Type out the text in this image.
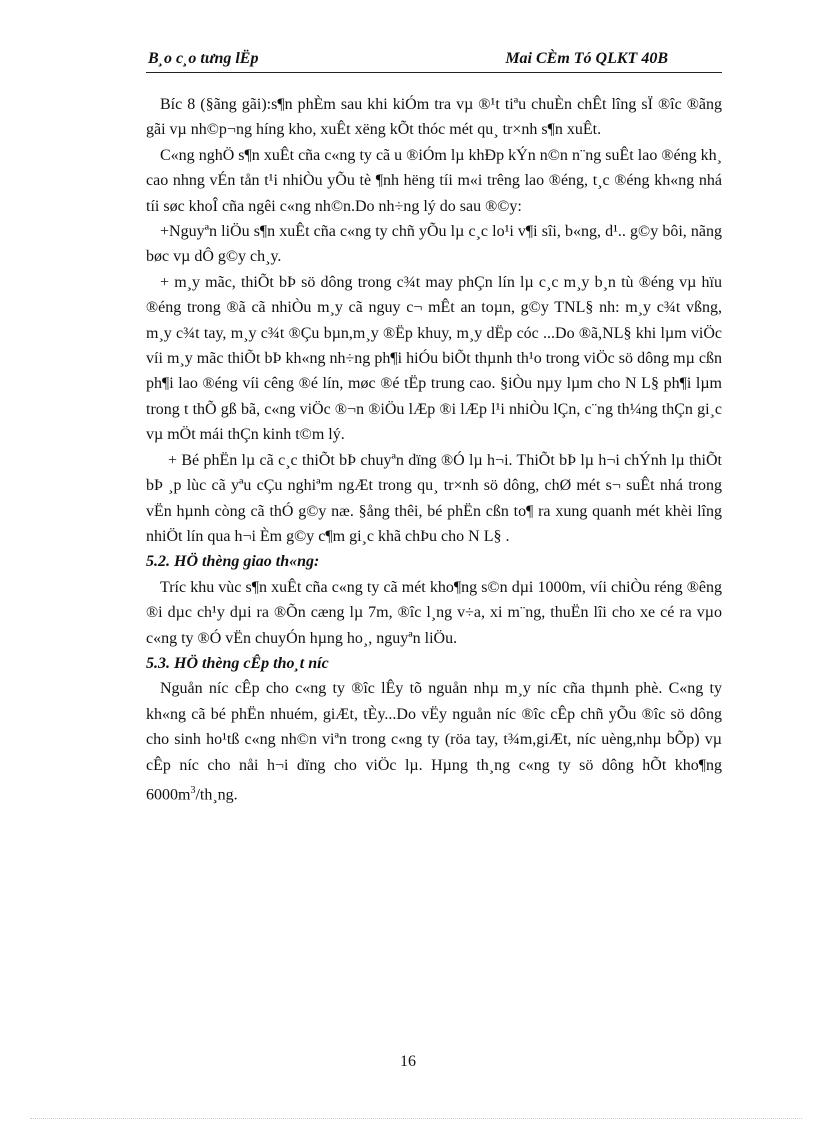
B¸o c¸o tưng lËp	Mai CÈm Tó QLKT 40B

Bíc 8 (§ãng gãi):s¶n phÈm sau khi kiÓm tra vµ ®¹t tiªu chuÈn chÊt lîng sÏ ®îc ®ãng gãi vµ nh©p¬ng híng kho, xuÊt xëng kÕt thóc mét qu¸ tr×nh s¶n xuÊt.

C«ng nghÖ s¶n xuÊt cña c«ng ty cã u ®iÓm lµ khÐp kÝn n©n n¨ng suÊt lao ®éng kh¸ cao nhng vÉn tån t¹i nhiÒu yÕu tè ¶nh hëng tíi m«i trêng lao ®éng, t¸c ®éng kh«ng nhá tíi søc khoÎ cña ngêi c«ng nh©n.Do nh÷ng lý do sau ®©y:

+Nguyªn liÖu s¶n xuÊt cña c«ng ty chñ yÕu lµ c¸c lo¹i v¶i sîi, b«ng, d¹.. g©y bôi, nãng bøc vµ dÔ g©y ch¸y.

+ m¸y mãc, thiÕt bÞ sö dông trong c¾t may phÇn lín lµ c¸c m¸y b¸n tù ®éng vµ hïu ®éng trong ®ã cã nhiÒu m¸y cã nguy c¬ mÊt an toµn, g©y TNL§ nh: m¸y c¾t vßng, m¸y c¾t tay, m¸y c¾t ®Çu bµn,m¸y ®Ëp khuy, m¸y dËp cóc ...Do ®ã,NL§ khi lµm viÖc víi m¸y mãc thiÕt bÞ kh«ng nh÷ng ph¶i hiÓu biÕt thµnh th¹o trong viÖc sö dông mµ cßn ph¶i lao ®éng víi cêng ®é lín, møc ®é tËp trung cao. §iÒu nµy lµm cho N L§ ph¶i lµm trong t thÕ gß bã, c«ng viÖc ®¬n ®iÖu lÆp ®i lÆp l¹i nhiÒu lÇn, c¨ng th¼ng thÇn gi¸c vµ mÖt mái thÇn kinh t©m lý.

+ Bé phËn lµ cã c¸c thiÕt bÞ chuyªn dïng ®Ó lµ h¬i. ThiÕt bÞ lµ h¬i chÝnh lµ thiÕt bÞ ¸p lùc cã yªu cÇu nghiªm ngÆt trong qu¸ tr×nh sö dông, chØ mét s¬ suÊt nhá trong vËn hµnh còng cã thÓ g©y næ. §ång thêi, bé phËn cßn to¶ ra xung quanh mét khèi lîng nhiÖt lín qua h¬i Èm g©y c¶m gi¸c khã chÞu cho N L§ .

5.2. HÖ thèng giao th«ng:

Tríc khu vùc s¶n xuÊt cña c«ng ty cã mét kho¶ng s©n dµi 1000m, víi chiÒu réng ®êng ®i dµc ch¹y dµi ra ®Õn cæng lµ 7m, ®îc l¸ng v÷a, xi m¨ng, thuËn lîi cho xe cé ra vµo c«ng ty ®Ó vËn chuyÓn hµng ho¸, nguyªn liÖu.

5.3. HÖ thèng cÊp tho¸t níc

Nguån níc cÊp cho c«ng ty ®îc lÊy tõ nguån nhµ m¸y níc cña thµnh phè. C«ng ty kh«ng cã bé phËn nhuém, giÆt, tÈy...Do vËy nguån níc ®îc cÊp chñ yÕu ®îc sö dông cho sinh ho¹tß c«ng nh©n viªn trong c«ng ty (röa tay, t¾m,giÆt, níc uèng,nhµ bÕp) vµ cÊp níc cho nåi h¬i dïng cho viÖc lµ. Hµng th¸ng c«ng ty sö dông hÕt kho¶ng $6000m^3/th¸ng$.

16
